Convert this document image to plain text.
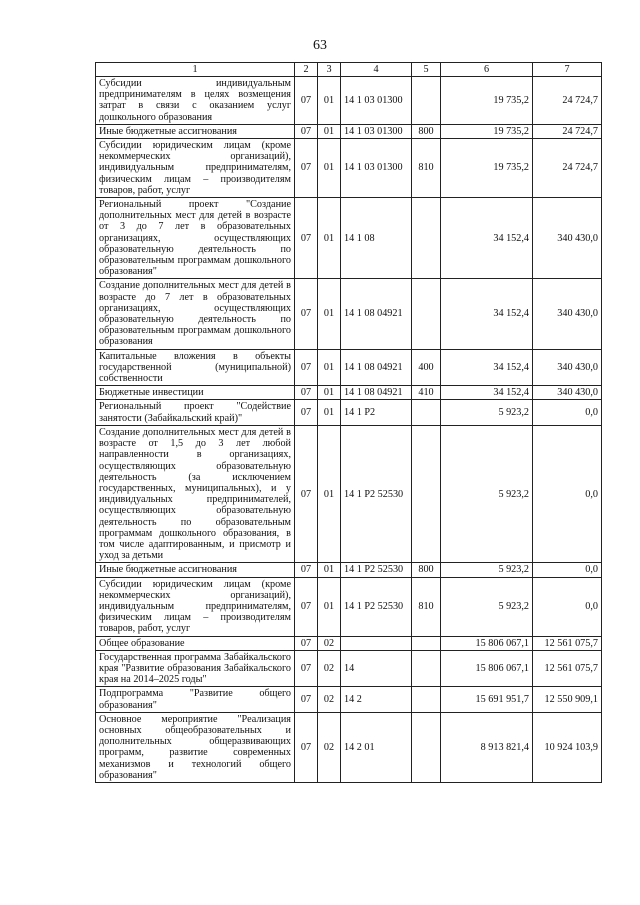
63
1	2	3	4	5	6	7
Субсидии индивидуальным предпринимателям в целях возмещения затрат в связи с оказанием услуг дошкольного образования	07	01	14 1 03 01300		19 735,2	24 724,7
Иные бюджетные ассигнования	07	01	14 1 03 01300	800	19 735,2	24 724,7
Субсидии юридическим лицам (кроме некоммерческих организаций), индивидуальным предпринимателям, физическим лицам – производителям товаров, работ, услуг	07	01	14 1 03 01300	810	19 735,2	24 724,7
Региональный проект "Создание дополнительных мест для детей в возрасте от 3 до 7 лет в образовательных организациях, осуществляющих образовательную деятельность по образовательным программам дошкольного образования"	07	01	14 1 08		34 152,4	340 430,0
Создание дополнительных мест для детей в возрасте до 7 лет в образовательных организациях, осуществляющих образовательную деятельность по образовательным программам дошкольного образования	07	01	14 1 08 04921		34 152,4	340 430,0
Капитальные вложения в объекты государственной (муниципальной) собственности	07	01	14 1 08 04921	400	34 152,4	340 430,0
Бюджетные инвестиции	07	01	14 1 08 04921	410	34 152,4	340 430,0
Региональный проект "Содействие занятости (Забайкальский край)"	07	01	14 1 P2		5 923,2	0,0
Создание дополнительных мест для детей в возрасте от 1,5 до 3 лет любой направленности в организациях, осуществляющих образовательную деятельность (за исключением государственных, муниципальных), и у индивидуальных предпринимателей, осуществляющих образовательную деятельность по образовательным программам дошкольного образования, в том числе адаптированным, и присмотр и уход за детьми	07	01	14 1 P2 52530		5 923,2	0,0
Иные бюджетные ассигнования	07	01	14 1 P2 52530	800	5 923,2	0,0
Субсидии юридическим лицам (кроме некоммерческих организаций), индивидуальным предпринимателям, физическим лицам – производителям товаров, работ, услуг	07	01	14 1 P2 52530	810	5 923,2	0,0
Общее образование	07	02			15 806 067,1	12 561 075,7
Государственная программа Забайкальского края "Развитие образования Забайкальского края на 2014–2025 годы"	07	02	14		15 806 067,1	12 561 075,7
Подпрограмма "Развитие общего образования"	07	02	14 2		15 691 951,7	12 550 909,1
Основное мероприятие "Реализация основных общеобразовательных и дополнительных общеразвивающих программ, развитие современных механизмов и технологий общего образования"	07	02	14 2 01		8 913 821,4	10 924 103,9
